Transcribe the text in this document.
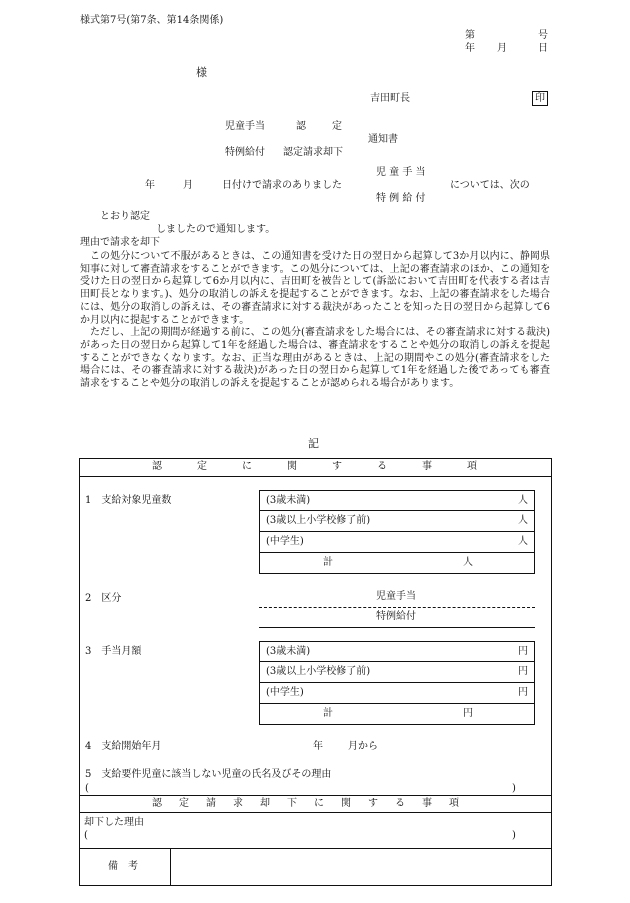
様式第7号(第7条、第14条関係)
第	号
年 月	日
様
吉田町長	印
児童手当	認	定
通知書
特例給付 認定請求却下
児 童 手 当
年	月	日付けで請求のありました	については、次の
特 例 給 付
とおり認定
しましたので通知します。
理由で請求を却下

この処分について不服があるときは、この通知書を受けた日の翌日から起算して3か月以内に、静岡県知事に対して審査請求をすることができます。この処分については、上記の審査請求のほか、この通知を受けた日の翌日から起算して6か月以内に、吉田町を被告として(訴訟において吉田町を代表する者は吉田町長となります。)、処分の取消しの訴えを提起することができます。なお、上記の審査請求をした場合には、処分の取消しの訴えは、その審査請求に対する裁決があったことを知った日の翌日から起算して6か月以内に提起することができます。

ただし、上記の期間が経過する前に、この処分(審査請求をした場合には、その審査請求に対する裁決)があった日の翌日から起算して1年を経過した場合は、審査請求をすることや処分の取消しの訴えを提起することができなくなります。なお、正当な理由があるときは、上記の期間やこの処分(審査請求をした場合には、その審査請求に対する裁決)があった日の翌日から起算して1年を経過した後であっても審査請求をすることや処分の取消しの訴えを提起することが認められる場合があります。

記
認	定	に	関	す	る	事	項
1　支給対象児童数	(3歳未満)	人
(3歳以上小学校修了前)	人
(中学生)	人
計	人
2　区分	児童手当
特例給付
3　手当月額	(3歳未満)	円
(3歳以上小学校修了前)	円
(中学生)	円
計	円
4　支給開始年月	年	月から
5　支給要件児童に該当しない児童の氏名及びその理由
(	)
認 定 請 求 却 下 に 関 す る 事 項
却下した理由
(	)
備　考
